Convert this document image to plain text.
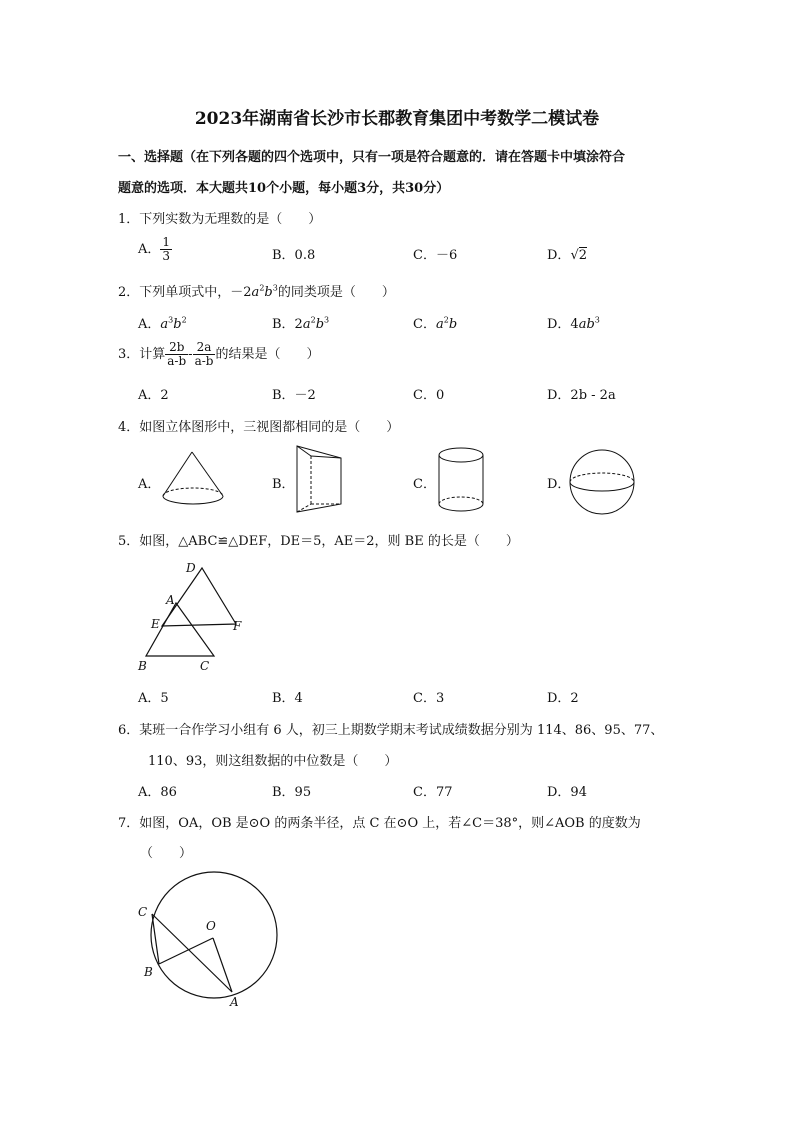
2023年湖南省长沙市长郡教育集团中考数学二模试卷
一、选择题（在下列各题的四个选项中，只有一项是符合题意的．请在答题卡中填涂符合
题意的选项．本大题共10个小题，每小题3分，共30分）
1．下列实数为无理数的是（　　）
A． $\frac{1}{3}$	B．0.8	C．－6	D．√2
2．下列单项式中，$-2a^2b^3$的同类项是（　　）
A．$a^3b^2$	B．$2a^2b^3$	C．$a^2b$	D．$4ab^3$
3．计算 $\frac{2b}{a-b} - \frac{2a}{a-b}$ 的结果是（　　）
A．2	B．－2	C．0	D．2b - 2a
4．如图立体图形中，三视图都相同的是（　　）
A．	B．	C．	D．
5．如图，△ABC≌△DEF，DE＝5，AE＝2，则 BE 的长是（　　）
D
A
E	F
B	C
A．5	B．4	C．3	D．2
6．某班一合作学习小组有 6 人，初三上期数学期末考试成绩数据分别为 114、86、95、77、
110、93，则这组数据的中位数是（　　）
A．86	B．95	C．77	D．94
7．如图，OA，OB 是⊙O 的两条半径，点 C 在⊙O 上，若∠C＝38°，则∠AOB 的度数为
（　　）
C
O
B
A
